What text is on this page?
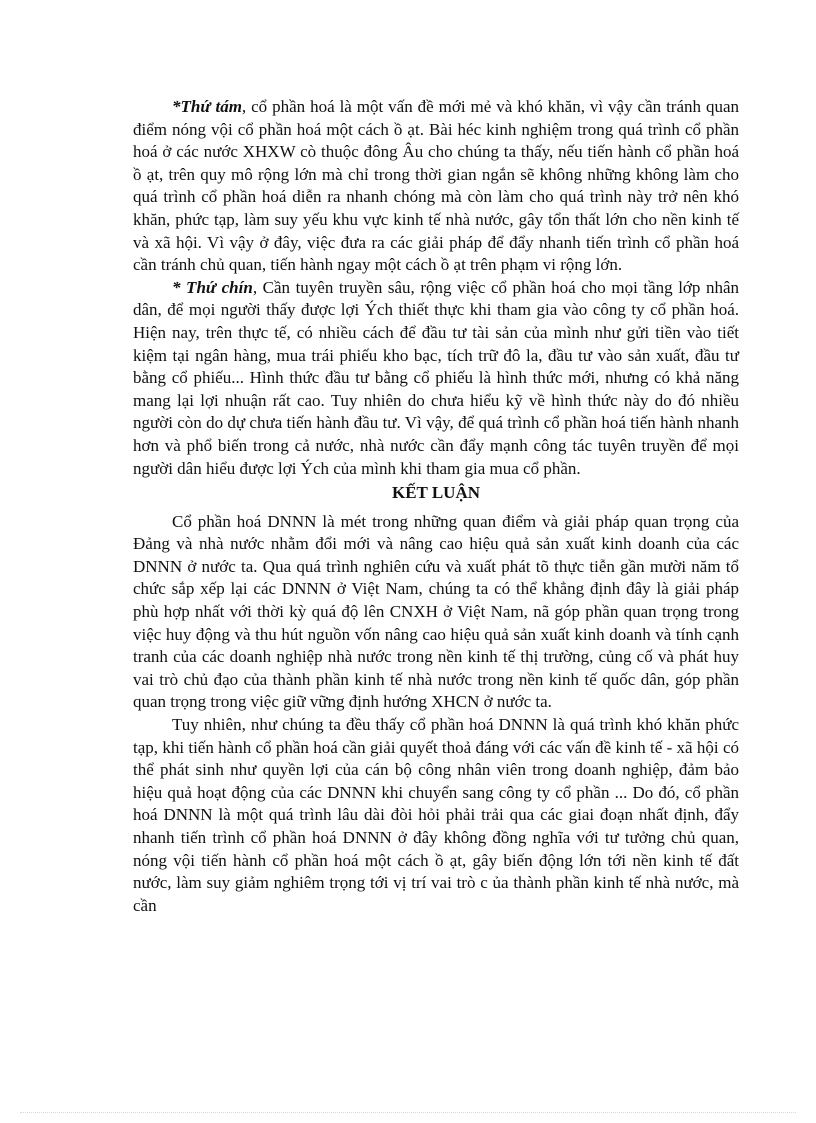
*Thứ tám, cổ phần hoá là một vấn đề mới mẻ và khó khăn, vì vậy cần tránh quan điểm nóng vội cổ phần hoá một cách ồ ạt. Bài héc kinh nghiệm trong quá trình cổ phần hoá ở các nước XHXW cò thuộc đông Âu cho chúng ta thấy, nếu tiến hành cổ phần hoá ồ ạt, trên quy mô rộng lớn mà chỉ trong thời gian ngắn sẽ không những không làm cho quá trình cổ phần hoá diễn ra nhanh chóng mà còn làm cho quá trình này trở nên khó khăn, phức tạp, làm suy yếu khu vực kinh tế nhà nước, gây tổn thất lớn cho nền kinh tế và xã hội. Vì vậy ở đây, việc đưa ra các giải pháp để đẩy nhanh tiến trình cổ phần hoá cần tránh chủ quan, tiến hành ngay một cách ồ ạt trên phạm vi rộng lớn.

* Thứ chín, Cần tuyên truyền sâu, rộng việc cổ phần hoá cho mọi tầng lớp nhân dân, để mọi người thấy được lợi Ých thiết thực khi tham gia vào công ty cổ phần hoá. Hiện nay, trên thực tế, có nhiều cách để đầu tư tài sản của mình như gửi tiền vào tiết kiệm tại ngân hàng, mua trái phiếu kho bạc, tích trữ đô la, đầu tư vào sản xuất, đầu tư bằng cổ phiếu... Hình thức đầu tư bằng cổ phiếu là hình thức mới, nhưng có khả năng mang lại lợi nhuận rất cao. Tuy nhiên do chưa hiểu kỹ về hình thức này do đó nhiều người còn do dự chưa tiến hành đầu tư. Vì vậy, để quá trình cổ phần hoá tiến hành nhanh hơn và phổ biến trong cả nước, nhà nước cần đẩy mạnh công tác tuyên truyền để mọi người dân hiểu được lợi Ých của mình khi tham gia mua cổ phần.

KẾT LUẬN

Cổ phần hoá DNNN là mét trong những quan điểm và giải pháp quan trọng của Đảng và nhà nước nhằm đổi mới và nâng cao hiệu quả sản xuất kinh doanh của các DNNN ở nước ta. Qua quá trình nghiên cứu và xuất phát tõ thực tiễn gần mười năm tổ chức sắp xếp lại các DNNN ở Việt Nam, chúng ta có thể khẳng định đây là giải pháp phù hợp nhất với thời kỳ quá độ lên CNXH ở Việt Nam, nã góp phần quan trọng trong việc huy động và thu hút nguồn vốn nâng cao hiệu quả sản xuất kinh doanh và tính cạnh tranh của các doanh nghiệp nhà nước trong nền kinh tế thị trường, củng cố và phát huy vai trò chủ đạo của thành phần kinh tế nhà nước trong nền kinh tế quốc dân, góp phần quan trọng trong việc giữ vững định hướng XHCN ở nước ta.

Tuy nhiên, như chúng ta đều thấy cổ phần hoá DNNN là quá trình khó khăn phức tạp, khi tiến hành cổ phần hoá cần giải quyết thoả đáng với các vấn đề kinh tế - xã hội có thể phát sinh như quyền lợi của cán bộ công nhân viên trong doanh nghiệp, đảm bảo hiệu quả hoạt động của các DNNN khi chuyển sang công ty cổ phần ... Do đó, cổ phần hoá DNNN là một quá trình lâu dài đòi hỏi phải trải qua các giai đoạn nhất định, đẩy nhanh tiến trình cổ phần hoá DNNN ở đây không đồng nghĩa với tư tưởng chủ quan, nóng vội tiến hành cổ phần hoá một cách ồ ạt, gây biến động lớn tới nền kinh tế đất nước, làm suy giảm nghiêm trọng tới vị trí vai trò c ủa thành phần kinh tế nhà nước, mà cần
